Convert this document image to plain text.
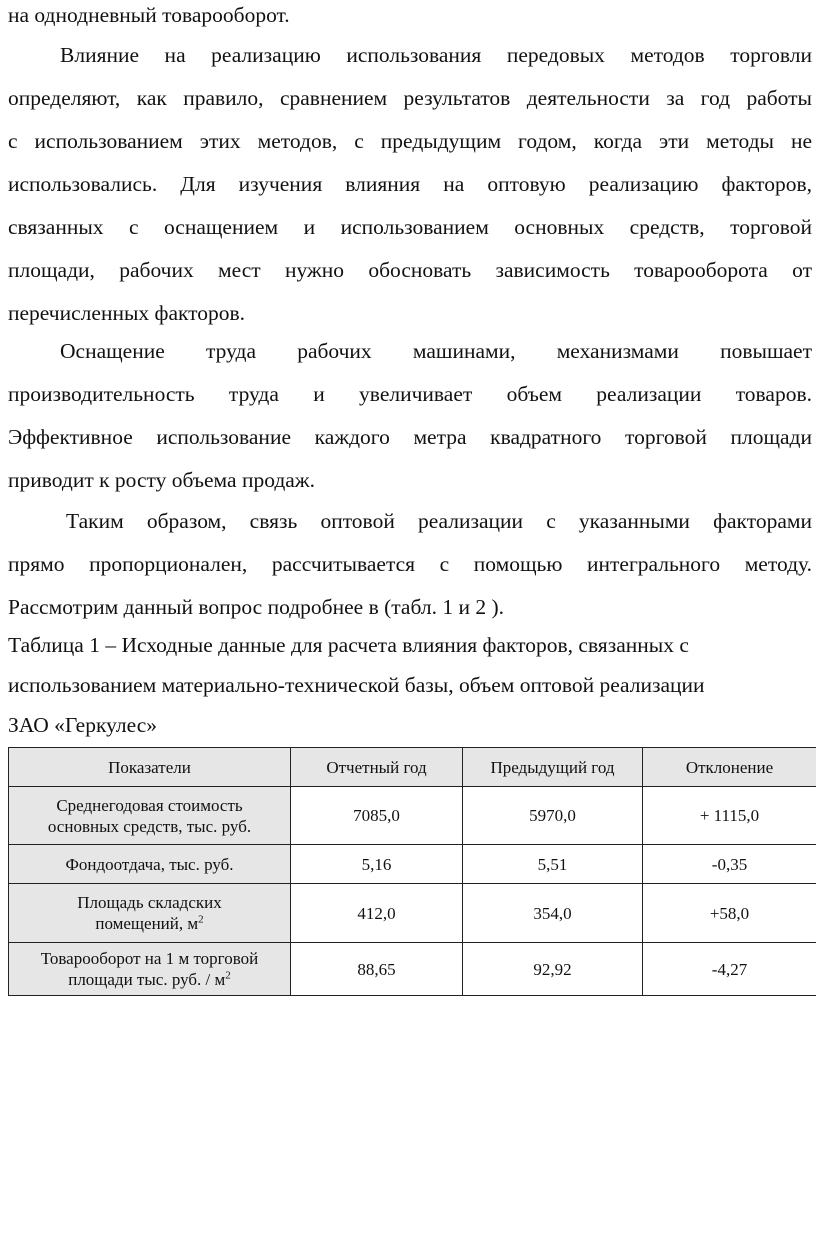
на однодневный товарооборот.
Влияние на реализацию использования передовых методов торговли
определяют, как правило, сравнением результатов деятельности за год работы
с использованием этих методов, с предыдущим годом, когда эти методы не
использовались. Для изучения влияния на оптовую реализацию факторов,
связанных с оснащением и использованием основных средств, торговой
площади, рабочих мест нужно обосновать зависимость товарооборота от
перечисленных факторов.
Оснащение труда рабочих машинами, механизмами повышает
производительность труда и увеличивает объем реализации товаров.
Эффективное использование каждого метра квадратного торговой площади
приводит к росту объема продаж.
Таким образом, связь оптовой реализации с указанными факторами
прямо пропорционален, рассчитывается с помощью интегрального методу.
Рассмотрим данный вопрос подробнее в (табл. 1 и 2 ).
Таблица 1 – Исходные данные для расчета влияния факторов, связанных с
использованием материально-технической базы, объем оптовой реализации
ЗАО «Геркулес»
Показатели	Отчетный год	Предыдущий год	Отклонение
Среднегодовая стоимость
основных средств, тыс. руб.	7085,0	5970,0	+ 1115,0
Фондоотдача, тыс. руб.	5,16	5,51	-0,35
Площадь складских
помещений, $м^2$	412,0	354,0	+58,0
Товарооборот на 1 м торговой
площади тыс. руб. / $м^2$	88,65	92,92	-4,27
